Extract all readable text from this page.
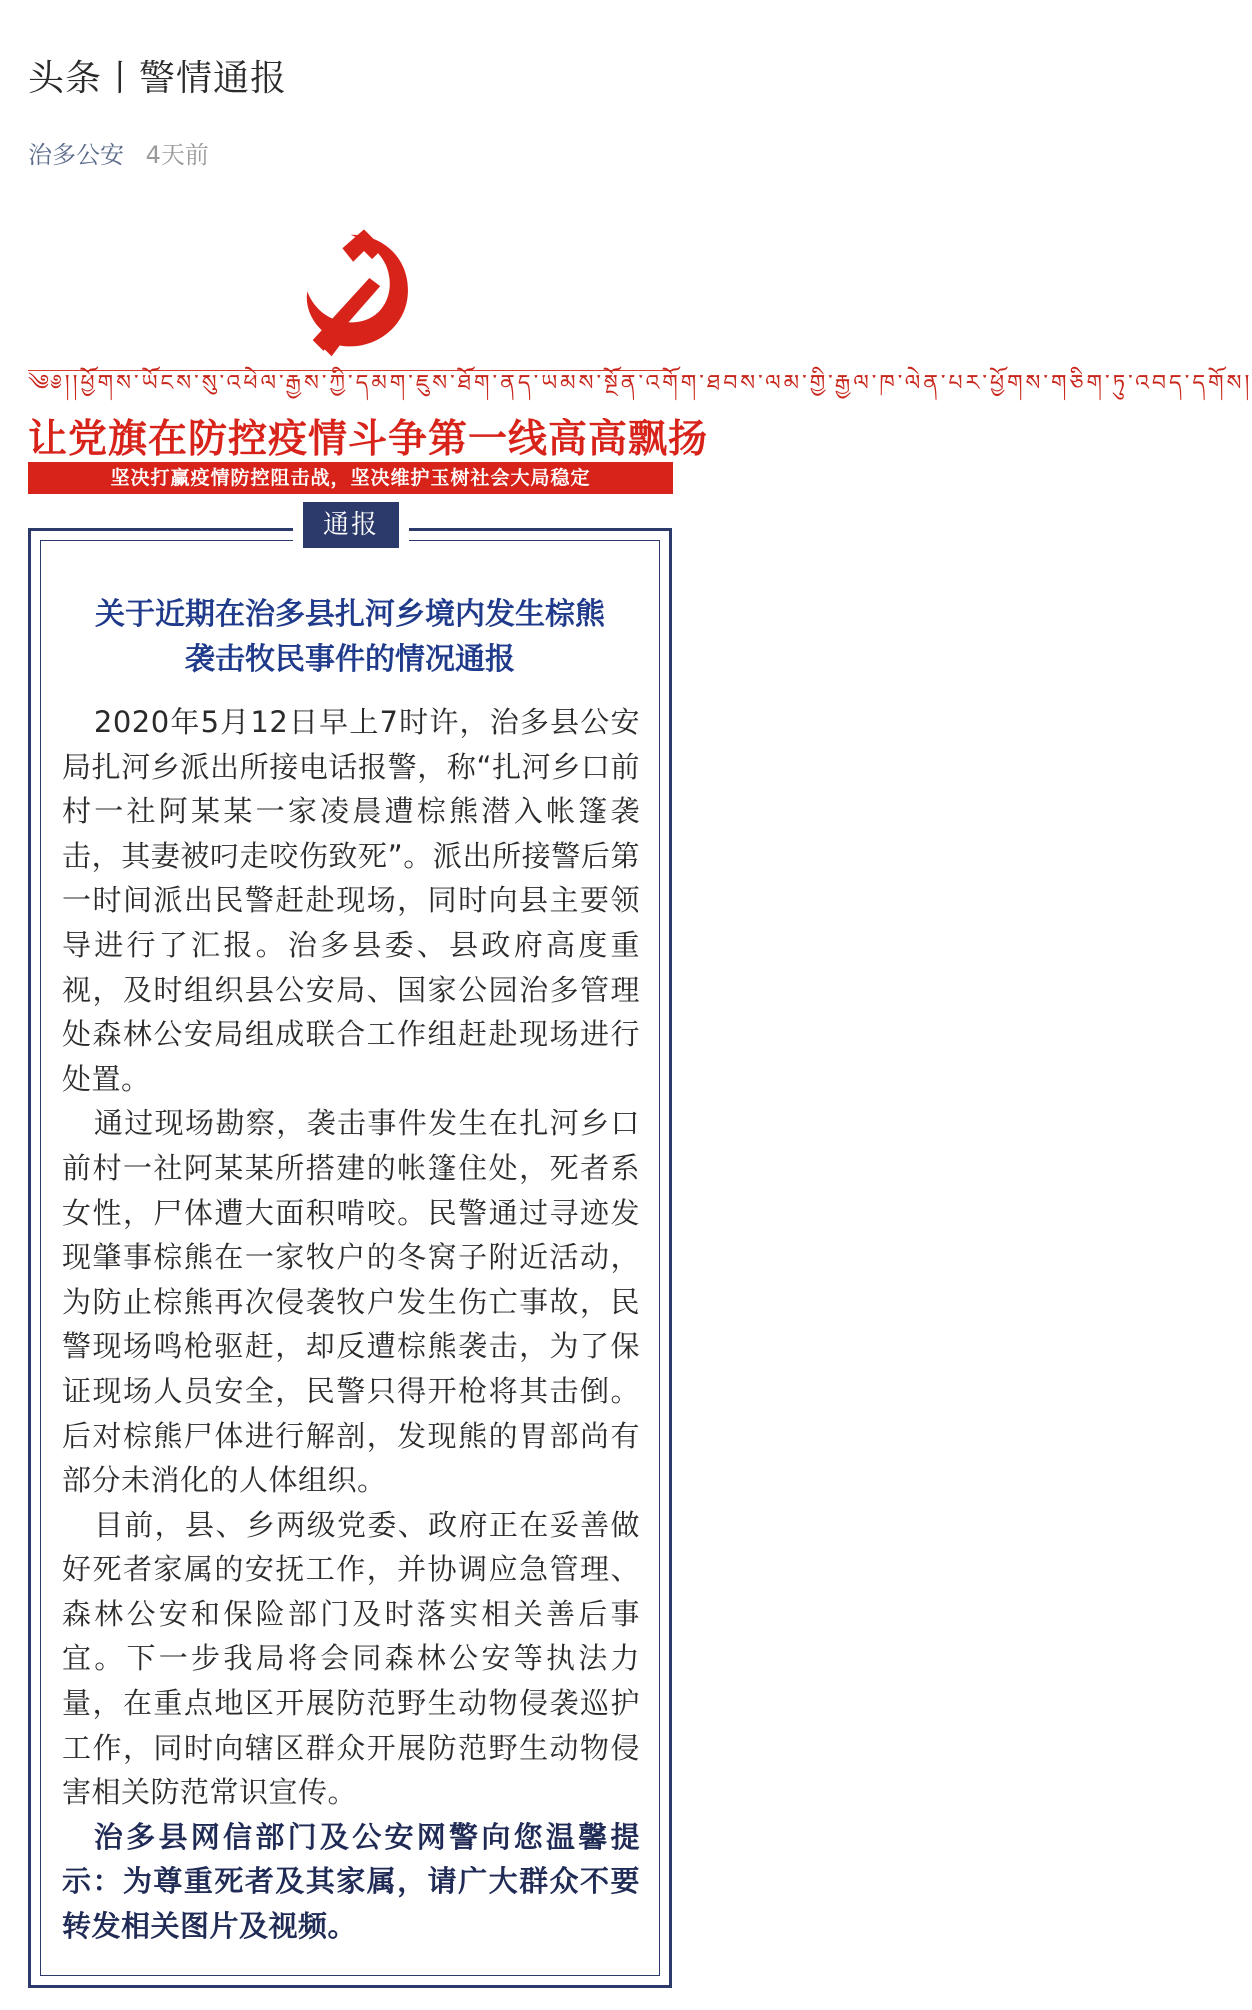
头条丨警情通报
治多公安 4天前
༄༅།།ཕྱོགས་ཡོངས་སུ་འཕེལ་རྒྱས་ཀྱི་དམག་ཇུས་ཐོག་ནད་ཡམས་སྔོན་འགོག་ཐབས་ལམ་གྱི་རྒྱལ་ཁ་ལེན་པར་ཕྱོགས་གཅིག་ཏུ་འབད་དགོས།
让党旗在防控疫情斗争第一线高高飘扬
坚决打赢疫情防控阻击战，坚决维护玉树社会大局稳定
通报
关于近期在治多县扎河乡境内发生棕熊
袭击牧民事件的情况通报

2020年5月12日早上7时许，治多县公安局扎河乡派出所接电话报警，称“扎河乡口前村一社阿某某一家凌晨遭棕熊潜入帐篷袭击，其妻被叼走咬伤致死”。派出所接警后第一时间派出民警赶赴现场，同时向县主要领导进行了汇报。治多县委、县政府高度重视，及时组织县公安局、国家公园治多管理处森林公安局组成联合工作组赶赴现场进行处置。

通过现场勘察，袭击事件发生在扎河乡口前村一社阿某某所搭建的帐篷住处，死者系女性，尸体遭大面积啃咬。民警通过寻迹发现肇事棕熊在一家牧户的冬窝子附近活动，为防止棕熊再次侵袭牧户发生伤亡事故，民警现场鸣枪驱赶，却反遭棕熊袭击，为了保证现场人员安全，民警只得开枪将其击倒。后对棕熊尸体进行解剖，发现熊的胃部尚有部分未消化的人体组织。

目前，县、乡两级党委、政府正在妥善做好死者家属的安抚工作，并协调应急管理、森林公安和保险部门及时落实相关善后事宜。下一步我局将会同森林公安等执法力量，在重点地区开展防范野生动物侵袭巡护工作，同时向辖区群众开展防范野生动物侵害相关防范常识宣传。

治多县网信部门及公安网警向您温馨提示：为尊重死者及其家属，请广大群众不要转发相关图片及视频。
